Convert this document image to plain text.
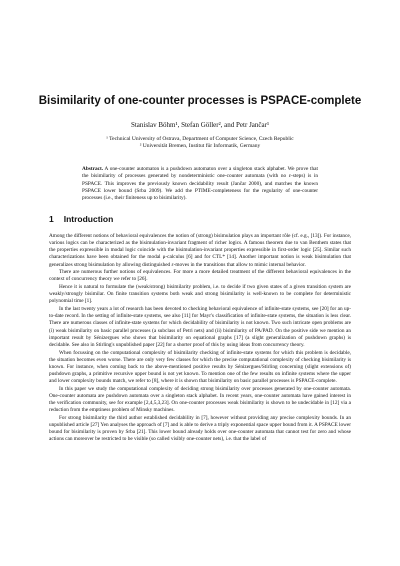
Bisimilarity of one-counter processes is PSPACE-complete
Stanislav Böhm¹, Stefan Göller², and Petr Jančar¹
¹ Technical University of Ostrava, Department of Computer Science, Czech Republic
² Universität Bremen, Institut für Informatik, Germany
Abstract. A one-counter automaton is a pushdown automaton over a singleton stack alphabet. We prove that the bisimilarity of processes generated by nondeterministic one-counter automata (with no ε-steps) is in PSPACE. This improves the previously known decidability result (Jančar 2000), and matches the known PSPACE lower bound (Srba 2009). We add the PTIME-completeness for the regularity of one-counter processes (i.e., their finiteness up to bisimilarity).
1 Introduction

Among the different notions of behavioral equivalences the notion of (strong) bisimulation plays an important rôle (cf. e.g., [13]). For instance, various logics can be characterized as the bisimulation-invariant fragment of richer logics. A famous theorem due to van Benthem states that the properties expressible in modal logic coincide with the bisimulation-invariant properties expressible in first-order logic [25]. Similar such characterizations have been obtained for the modal μ-calculus [6] and for CTL* [14]. Another important notion is weak bisimulation that generalizes strong bisimulation by allowing distinguished ε-moves in the transitions that allow to mimic internal behavior.

There are numerous further notions of equivalences. For more a more detailed treatment of the different behavioral equivalences in the context of concurrency theory we refer to [26].

Hence it is natural to formulate the (weak/strong) bisimilarity problem, i.e. to decide if two given states of a given transition system are weakly/strongly bisimilar. On finite transition systems both weak and strong bisimilarity is well-known to be complete for deterministic polynomial time [1].

In the last twenty years a lot of research has been devoted to checking behavioral equivalence of infinite-state systems, see [20] for an up-to-date record. In the setting of infinite-state systems, see also [11] for Mayr's classification of infinite-state systems, the situation is less clear. There are numerous classes of infinite-state systems for which decidability of bisimilarity is not known. Two such intricate open problems are (i) weak bisimilarity on basic parallel processes (a subclass of Petri nets) and (ii) bisimilarity of PA/PAD. On the positive side we mention an important result by Sénizergues who shows that bisimilarity on equational graphs [17] (a slight generalization of pushdown graphs) is decidable. See also in Stirling's unpublished paper [22] for a shorter proof of this by using ideas from concurrency theory.

When focussing on the computational complexity of bisimilarity checking of infinite-state systems for which this problem is decidable, the situation becomes even worse. There are only very few classes for which the precise computational complexity of checking bisimilarity is known. For instance, when coming back to the above-mentioned positive results by Sénizergues/Stirling concerning (slight extensions of) pushdown graphs, a primitive recursive upper bound is not yet known. To mention one of the few results on infinite systems where the upper and lower complexity bounds match, we refer to [8], where it is shown that bisimilarity on basic parallel processes is PSPACE-complete.

In this paper we study the computational complexity of deciding strong bisimilarity over processes generated by one-counter automata. One-counter automata are pushdown automata over a singleton stack alphabet. In recent years, one-counter automata have gained interest in the verification community, see for example [2,4,5,3,23]. On one-counter processes weak bisimilarity is shown to be undecidable in [12] via a reduction from the emptiness problem of Minsky machines.

For strong bisimilarity the third author established decidability in [7], however without providing any precise complexity bounds. In an unpublished article [27] Yen analyses the approach of [7] and is able to derive a triply exponential space upper bound from it. A PSPACE lower bound for bisimilarity is proven by Srba [21]. This lower bound already holds over one-counter automata that cannot test for zero and whose actions can moreover be restricted to be visible (so called visibly one-counter nets), i.e. that the label of
